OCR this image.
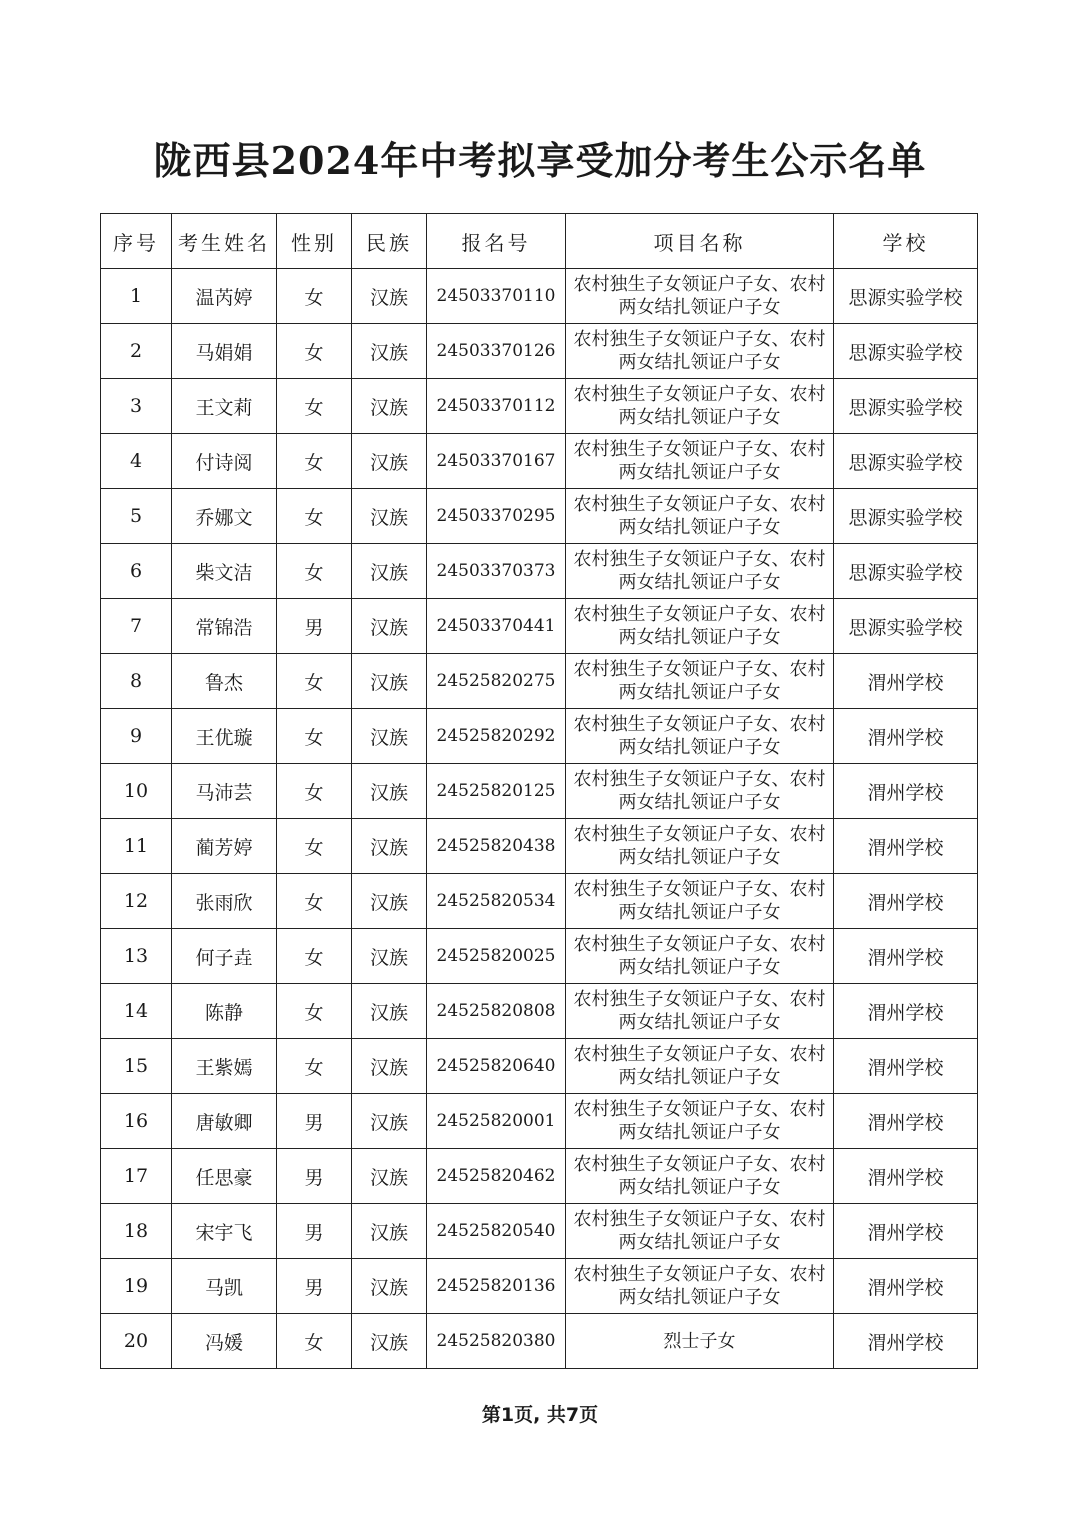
陇西县2024年中考拟享受加分考生公示名单
序号	考生姓名	性别	民族	报名号	项目名称	学校
1	温芮婷	女	汉族	24503370110	农村独生子女领证户子女、农村两女结扎领证户子女	思源实验学校
2	马娟娟	女	汉族	24503370126	农村独生子女领证户子女、农村两女结扎领证户子女	思源实验学校
3	王文莉	女	汉族	24503370112	农村独生子女领证户子女、农村两女结扎领证户子女	思源实验学校
4	付诗阅	女	汉族	24503370167	农村独生子女领证户子女、农村两女结扎领证户子女	思源实验学校
5	乔娜文	女	汉族	24503370295	农村独生子女领证户子女、农村两女结扎领证户子女	思源实验学校
6	柴文洁	女	汉族	24503370373	农村独生子女领证户子女、农村两女结扎领证户子女	思源实验学校
7	常锦浩	男	汉族	24503370441	农村独生子女领证户子女、农村两女结扎领证户子女	思源实验学校
8	鲁杰	女	汉族	24525820275	农村独生子女领证户子女、农村两女结扎领证户子女	渭州学校
9	王优璇	女	汉族	24525820292	农村独生子女领证户子女、农村两女结扎领证户子女	渭州学校
10	马沛芸	女	汉族	24525820125	农村独生子女领证户子女、农村两女结扎领证户子女	渭州学校
11	蔺芳婷	女	汉族	24525820438	农村独生子女领证户子女、农村两女结扎领证户子女	渭州学校
12	张雨欣	女	汉族	24525820534	农村独生子女领证户子女、农村两女结扎领证户子女	渭州学校
13	何子垚	女	汉族	24525820025	农村独生子女领证户子女、农村两女结扎领证户子女	渭州学校
14	陈静	女	汉族	24525820808	农村独生子女领证户子女、农村两女结扎领证户子女	渭州学校
15	王紫嫣	女	汉族	24525820640	农村独生子女领证户子女、农村两女结扎领证户子女	渭州学校
16	唐敏卿	男	汉族	24525820001	农村独生子女领证户子女、农村两女结扎领证户子女	渭州学校
17	任思豪	男	汉族	24525820462	农村独生子女领证户子女、农村两女结扎领证户子女	渭州学校
18	宋宇飞	男	汉族	24525820540	农村独生子女领证户子女、农村两女结扎领证户子女	渭州学校
19	马凯	男	汉族	24525820136	农村独生子女领证户子女、农村两女结扎领证户子女	渭州学校
20	冯媛	女	汉族	24525820380	烈士子女	渭州学校
第1页, 共7页
